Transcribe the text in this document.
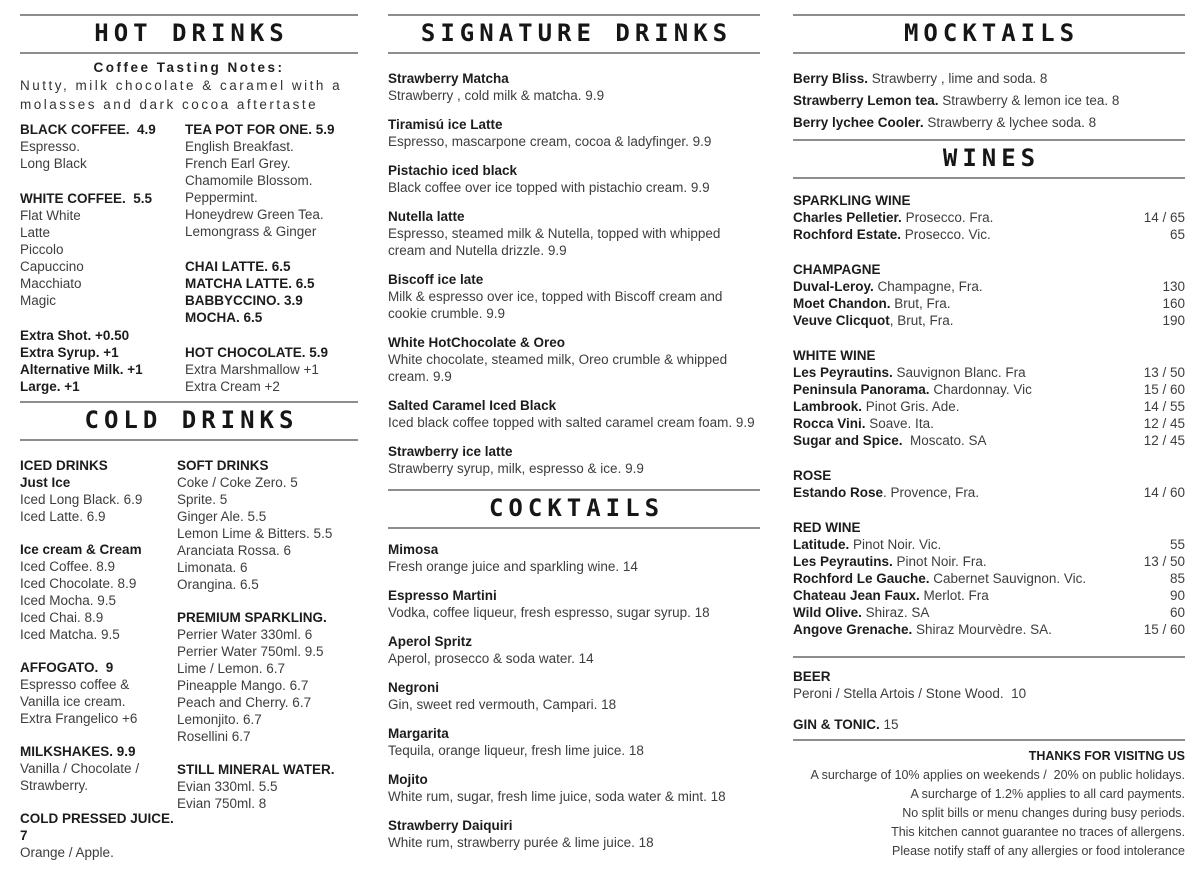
HOT DRINKS
Coffee Tasting Notes:
Nutty, milk chocolate & caramel with a molasses and dark cocoa aftertaste
BLACK COFFEE.  4.9
Espresso.
Long Black
WHITE COFFEE.  5.5
Flat White
Latte
Piccolo
Capuccino
Macchiato
Magic
Extra Shot. +0.50
Extra Syrup. +1
Alternative Milk. +1
Large. +1
TEA POT FOR ONE. 5.9
English Breakfast.
French Earl Grey.
Chamomile Blossom.
Peppermint.
Honeydrew Green Tea.
Lemongrass & Ginger
CHAI LATTE. 6.5
MATCHA LATTE. 6.5
BABBYCCINO. 3.9
MOCHA. 6.5
HOT CHOCOLATE. 5.9
Extra Marshmallow +1
Extra Cream +2
COLD DRINKS
ICED DRINKS
Just Ice
Iced Long Black. 6.9
Iced Latte. 6.9
Ice cream & Cream
Iced Coffee. 8.9
Iced Chocolate. 8.9
Iced Mocha. 9.5
Iced Chai. 8.9
Iced Matcha. 9.5
AFFOGATO.  9
Espresso coffee &
Vanilla ice cream.
Extra Frangelico +6
MILKSHAKES. 9.9
Vanilla / Chocolate /
Strawberry.
COLD PRESSED JUICE. 7
Orange / Apple.
SOFT DRINKS
Coke / Coke Zero. 5
Sprite. 5
Ginger Ale. 5.5
Lemon Lime & Bitters. 5.5
Aranciata Rossa. 6
Limonata. 6
Orangina. 6.5
PREMIUM SPARKLING.
Perrier Water 330ml. 6
Perrier Water 750ml. 9.5
Lime / Lemon. 6.7
Pineapple Mango. 6.7
Peach and Cherry. 6.7
Lemonjito. 6.7
Rosellini 6.7
STILL MINERAL WATER.
Evian 330ml. 5.5
Evian 750ml. 8
SIGNATURE DRINKS
Strawberry Matcha
Strawberry , cold milk & matcha. 9.9
Tiramisú ice Latte
Espresso, mascarpone cream, cocoa & ladyfinger. 9.9
Pistachio iced black
Black coffee over ice topped with pistachio cream. 9.9
Nutella latte
Espresso, steamed milk & Nutella, topped with whipped cream and Nutella drizzle. 9.9
Biscoff ice late
Milk & espresso over ice, topped with Biscoff cream and cookie crumble. 9.9
White HotChocolate & Oreo
White chocolate, steamed milk, Oreo crumble & whipped cream. 9.9
Salted Caramel Iced Black
Iced black coffee topped with salted caramel cream foam. 9.9
Strawberry ice latte
Strawberry syrup, milk, espresso & ice. 9.9
COCKTAILS
Mimosa
Fresh orange juice and sparkling wine. 14
Espresso Martini
Vodka, coffee liqueur, fresh espresso, sugar syrup. 18
Aperol Spritz
Aperol, prosecco & soda water. 14
Negroni
Gin, sweet red vermouth, Campari. 18
Margarita
Tequila, orange liqueur, fresh lime juice. 18
Mojito
White rum, sugar, fresh lime juice, soda water & mint. 18
Strawberry Daiquiri
White rum, strawberry purée & lime juice. 18
MOCKTAILS
Berry Bliss. Strawberry , lime and soda. 8
Strawberry Lemon tea. Strawberry & lemon ice tea. 8
Berry lychee Cooler. Strawberry & lychee soda. 8
WINES
SPARKLING WINE
Charles Pelletier. Prosecco. Fra.	14 / 65
Rochford Estate. Prosecco. Vic.	65
CHAMPAGNE
Duval-Leroy. Champagne, Fra.	130
Moet Chandon. Brut, Fra.	160
Veuve Clicquot, Brut, Fra.	190
WHITE WINE
Les Peyrautins. Sauvignon Blanc. Fra	13 / 50
Peninsula Panorama. Chardonnay. Vic	15 / 60
Lambrook. Pinot Gris. Ade.	14 / 55
Rocca Vini. Soave. Ita.	12 / 45
Sugar and Spice.  Moscato. SA	12 / 45
ROSE
Estando Rose. Provence, Fra.	14 / 60
RED WINE
Latitude. Pinot Noir. Vic.	55
Les Peyrautins. Pinot Noir. Fra.	13 / 50
Rochford Le Gauche. Cabernet Sauvignon. Vic.	85
Chateau Jean Faux. Merlot. Fra	90
Wild Olive. Shiraz. SA	60
Angove Grenache. Shiraz Mourvèdre. SA.	15 / 60
BEER
Peroni / Stella Artois / Stone Wood.  10
GIN & TONIC. 15
THANKS FOR VISITNG US
A surcharge of 10% applies on weekends /  20% on public holidays.
A surcharge of 1.2% applies to all card payments.
No split bills or menu changes during busy periods.
This kitchen cannot guarantee no traces of allergens.
Please notify staff of any allergies or food intolerance
